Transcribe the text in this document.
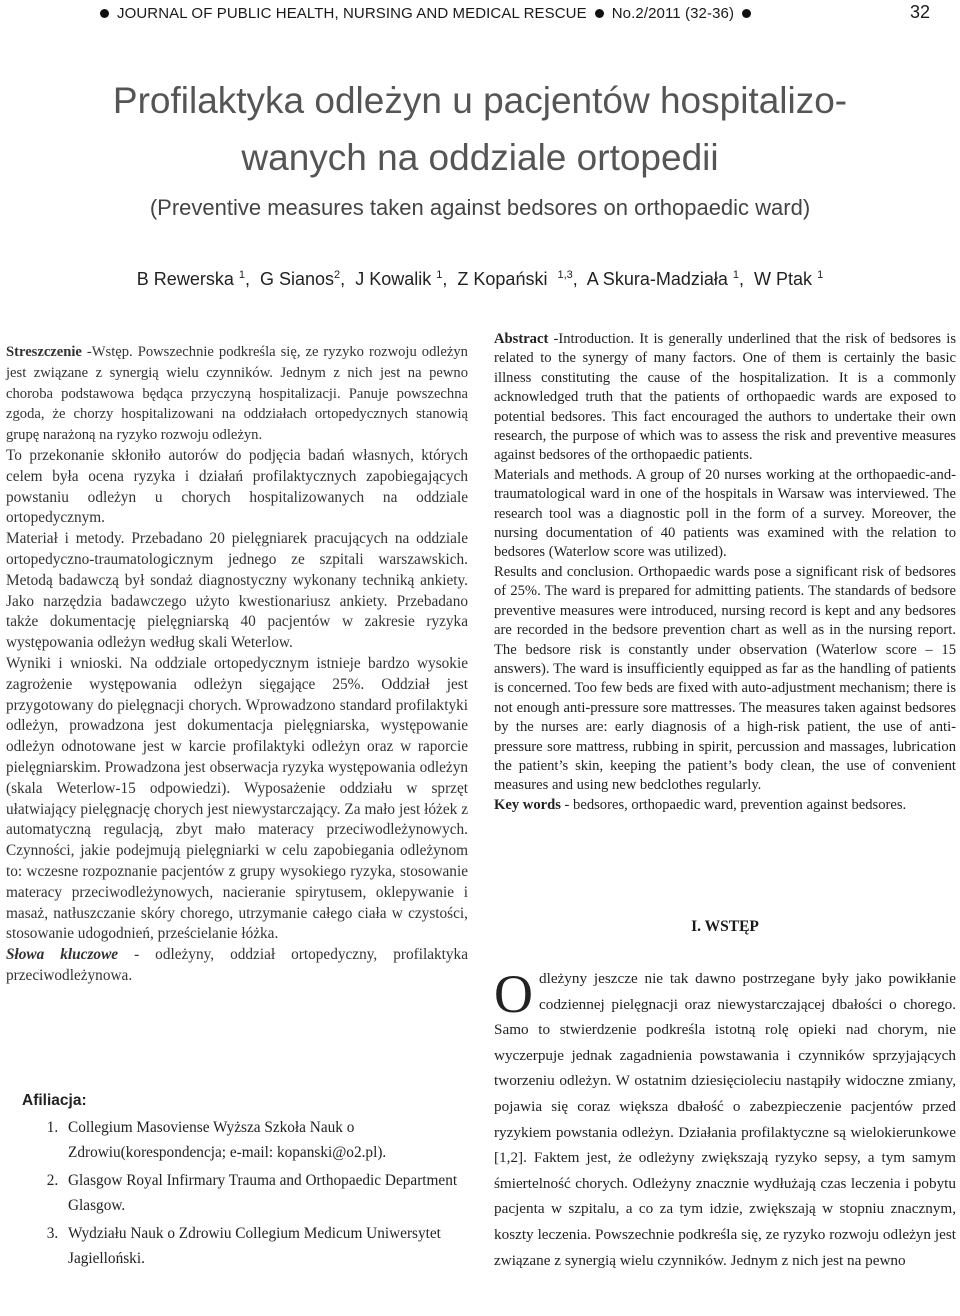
JOURNAL OF PUBLIC HEALTH, NURSING AND MEDICAL RESCUE No.2/2011 (32-36)	32
Profilaktyka odleżyn u pacjentów hospitalizo-
wanych na oddziale ortopedii
(Preventive measures taken against bedsores on orthopaedic ward)
B Rewerska $^1$,  G Sianos$^2$,  J Kowalik $^1$,  Z Kopański $^{1,3}$,  A Skura-Madziała $^1$,  W Ptak $^1$

Streszczenie -Wstęp. Powszechnie podkreśla się, ze ryzyko rozwoju odleżyn jest związane z synergią wielu czynników. Jednym z nich jest na pewno choroba podstawowa będąca przyczyną hospitalizacji. Panuje powszechna zgoda, że chorzy hospitalizowani na oddziałach ortopedycznych stanowią grupę narażoną na ryzyko rozwoju odleżyn.

To przekonanie skłoniło autorów do podjęcia badań własnych, których celem była ocena ryzyka i działań profilaktycznych zapobiegających powstaniu odleżyn u chorych hospitalizowanych na oddziale ortopedycznym.

Materiał i metody. Przebadano 20 pielęgniarek pracujących na oddziale ortopedyczno-traumatologicznym jednego ze szpitali warszawskich. Metodą badawczą był sondaż diagnostyczny wykonany techniką ankiety. Jako narzędzia badawczego użyto kwestionariusz ankiety. Przebadano także dokumentację pielęgniarską 40 pacjentów w zakresie ryzyka występowania odleżyn według skali Weterlow.

Wyniki i wnioski. Na oddziale ortopedycznym istnieje bardzo wysokie zagrożenie występowania odleżyn sięgające 25%. Oddział jest przygotowany do pielęgnacji chorych. Wprowadzono standard profilaktyki odleżyn, prowadzona jest dokumentacja pielęgniarska, występowanie odleżyn odnotowane jest w karcie profilaktyki odleżyn oraz w raporcie pielęgniarskim. Prowadzona jest obserwacja ryzyka występowania odleżyn (skala Weterlow-15 odpowiedzi). Wyposażenie oddziału w sprzęt ułatwiający pielęgnację chorych jest niewystarczający. Za mało jest łóżek z automatyczną regulacją, zbyt mało materacy przeciwodleżynowych. Czynności, jakie podejmują pielęgniarki w celu zapobiegania odleżynom to: wczesne rozpoznanie pacjentów z grupy wysokiego ryzyka, stosowanie materacy przeciwodleżynowych, nacieranie spirytusem, oklepywanie i masaż, natłuszczanie skóry chorego, utrzymanie całego ciała w czystości, stosowanie udogodnień, prześcielanie łóżka.

Słowa kluczowe - odleżyny, oddział ortopedyczny, profilaktyka przeciwodleżynowa.

Abstract -Introduction. It is generally underlined that the risk of bedsores is related to the synergy of many factors. One of them is certainly the basic illness constituting the cause of the hospitalization. It is a commonly acknowledged truth that the patients of orthopaedic wards are exposed to potential bedsores. This fact encouraged the authors to undertake their own research, the purpose of which was to assess the risk and preventive measures against bedsores of the orthopaedic patients.

Materials and methods. A group of 20 nurses working at the orthopaedic-and-traumatological ward in one of the hospitals in Warsaw was interviewed. The research tool was a diagnostic poll in the form of a survey. Moreover, the nursing documentation of 40 patients was examined with the relation to bedsores (Waterlow score was utilized).

Results and conclusion. Orthopaedic wards pose a significant risk of bedsores of 25%. The ward is prepared for admitting patients. The standards of bedsore preventive measures were introduced, nursing record is kept and any bedsores are recorded in the bedsore prevention chart as well as in the nursing report. The bedsore risk is constantly under observation (Waterlow score – 15 answers). The ward is insufficiently equipped as far as the handling of patients is concerned. Too few beds are fixed with auto-adjustment mechanism; there is not enough anti-pressure sore mattresses. The measures taken against bedsores by the nurses are: early diagnosis of a high-risk patient, the use of anti-pressure sore mattress, rubbing in spirit, percussion and massages, lubrication the patient’s skin, keeping the patient’s body clean, the use of convenient measures and using new bedclothes regularly.

Key words - bedsores, orthopaedic ward, prevention against bedsores.

Afiliacja:
1. Collegium Masoviense Wyższa Szkoła Nauk o Zdrowiu(korespondencja; e-mail: kopanski@o2.pl).
2. Glasgow Royal Infirmary Trauma and Orthopaedic Department Glasgow.
3. Wydziału Nauk o Zdrowiu Collegium Medicum Uniwersytet Jagielloński.
I. WSTĘP
Odleżyny jeszcze nie tak dawno postrzegane były jako powikłanie codziennej pielęgnacji oraz niewystarczającej dbałości o chorego. Samo to stwierdzenie podkreśla istotną rolę opieki nad chorym, nie wyczerpuje jednak zagadnienia powstawania i czynników sprzyjających tworzeniu odleżyn. W ostatnim dziesięcioleciu nastąpiły widoczne zmiany, pojawia się coraz większa dbałość o zabezpieczenie pacjentów przed ryzykiem powstania odleżyn. Działania profilaktyczne są wielokierunkowe [1,2]. Faktem jest, że odleżyny zwiększają ryzyko sepsy, a tym samym śmiertelność chorych. Odleżyny znacznie wydłużają czas leczenia i pobytu pacjenta w szpitalu, a co za tym idzie, zwiększają w stopniu znacznym, koszty leczenia. Powszechnie podkreśla się, ze ryzyko rozwoju odleżyn jest związane z synergią wielu czynników. Jednym z nich jest na pewno
